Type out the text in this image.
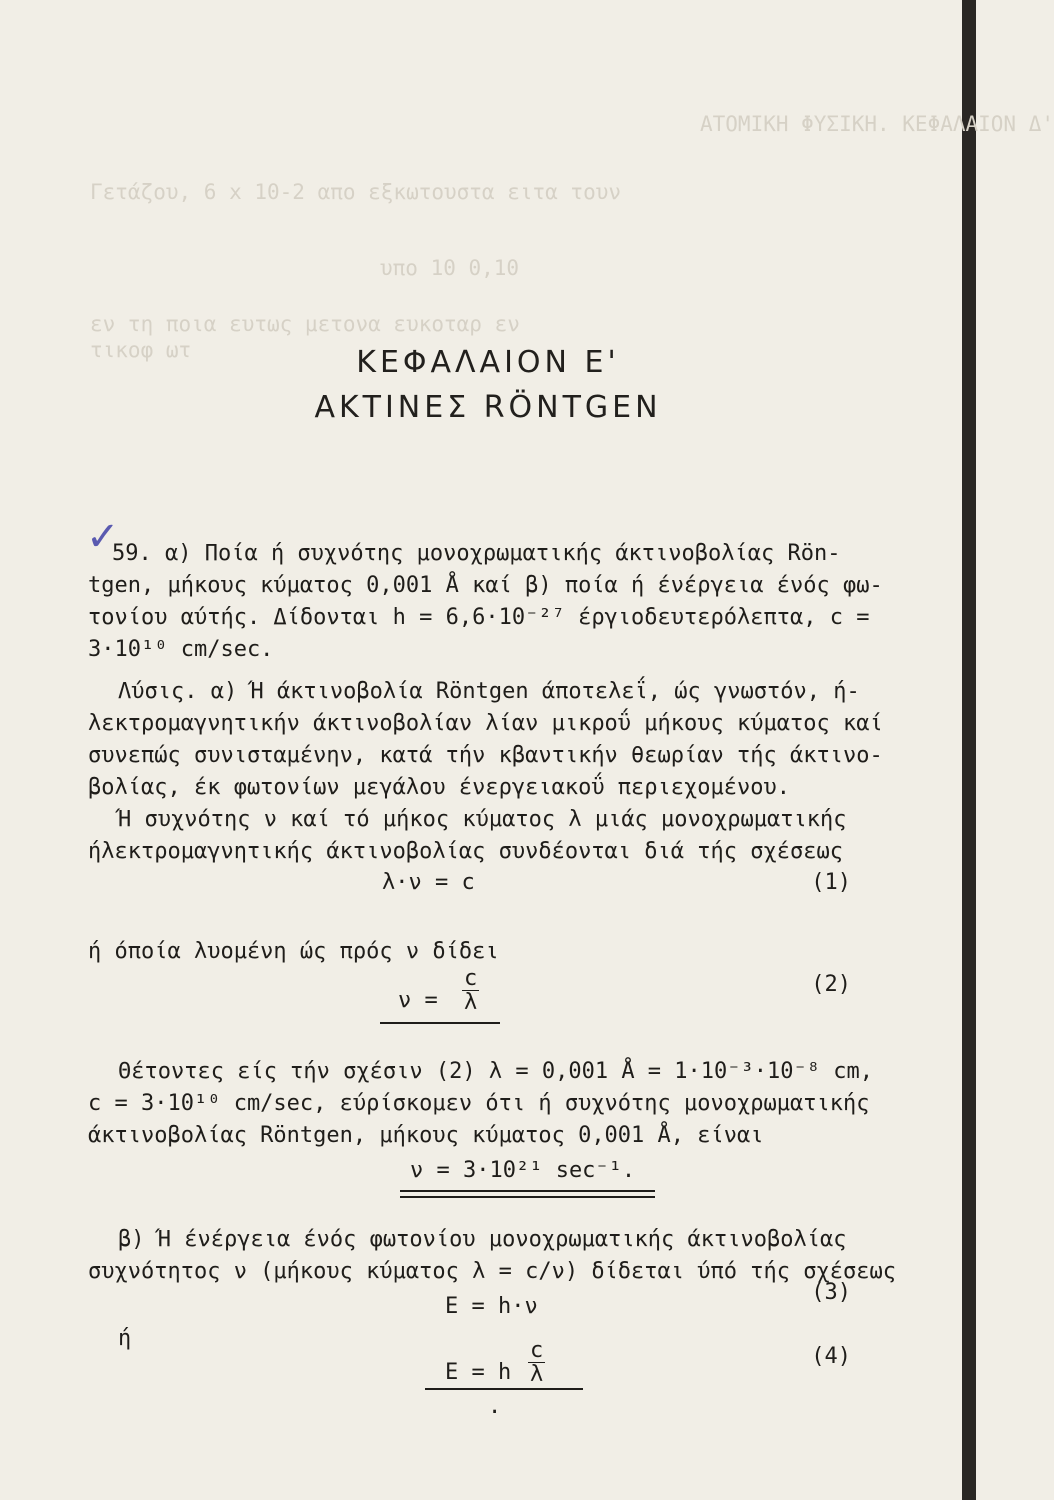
ΑΤΟΜΙΚΗ ΦΥΣΙΚΗ. ΚΕΦΑΛΑΙΟΝ Δ'
Γετάζου, 6 x 10-2 απο εξκωτουστα ειτα τουν
υπο 10 0,10
εν τη ποια ευτως μετονα ευκοταρ εν
τικοφ ωτ	ΚΕΦΑΛΑΙΟΝ Ε'
ΑΚΤΙΝΕΣ RÖNTGEN
✓
59. α) Ποία ή συχνότης μονοχρωματικής άκτινοβολίας Rön-
tgen, μήκους κύματος 0,001 Å καί β) ποία ή ένέργεια ένός φω-
τονίου αύτής. Δίδονται h = 6,6·10⁻²⁷ έργιοδευτερόλεπτα, c =
3·10¹⁰ cm/sec.
Λύσις. α) Ή άκτινοβολία Röntgen άποτελεΐ, ώς γνωστόν, ή-
λεκτρομαγνητικήν άκτινοβολίαν λίαν μικροΰ μήκους κύματος καί
συνεπώς συνισταμένην, κατά τήν κβαντικήν θεωρίαν τής άκτινο-
βολίας, έκ φωτονίων μεγάλου ένεργειακοΰ περιεχομένου.
Ή συχνότης ν καί τό μήκος κύματος λ μιάς μονοχρωματικής
ήλεκτρομαγνητικής άκτινοβολίας συνδέονται διά τής σχέσεως
λ·ν = c	(1)
ή όποία λυομένη ώς πρός ν δίδει
$\nu = \frac{c}{\lambda}$	(2)
Θέτοντες είς τήν σχέσιν (2) λ = 0,001 Å = 1·10⁻³·10⁻⁸ cm,
c = 3·10¹⁰ cm/sec, εύρίσκομεν ότι ή συχνότης μονοχρωματικής
άκτινοβολίας Röntgen, μήκους κύματος 0,001 Å, είναι
ν = 3·10²¹ sec⁻¹.
β) Ή ένέργεια ένός φωτονίου μονοχρωματικής άκτινοβολίας
συχνότητος ν (μήκους κύματος λ = c/ν) δίδεται ύπό τής σχέσεως
E = h·ν
(3)
ή
E = h $\frac{c}{\lambda}$	(4)
·
